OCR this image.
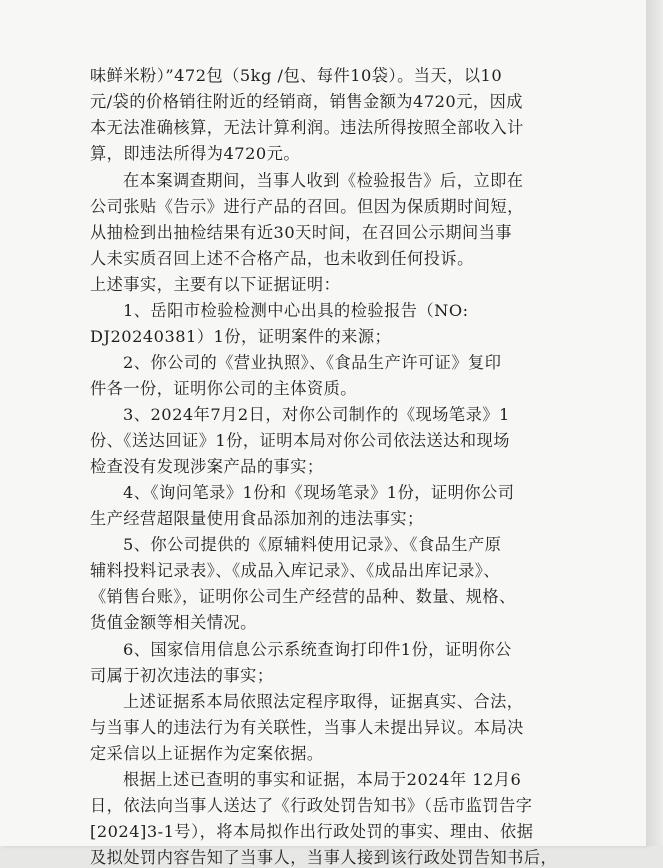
味鲜米粉）”472包（5kg /包、每件10袋）。当天，以10
元/袋的价格销往附近的经销商，销售金额为4720元，因成
本无法准确核算，无法计算利润。违法所得按照全部收入计
算，即违法所得为4720元。
在本案调查期间，当事人收到《检验报告》后，立即在
公司张贴《告示》进行产品的召回。但因为保质期时间短，
从抽检到出抽检结果有近30天时间，在召回公示期间当事
人未实质召回上述不合格产品，也未收到任何投诉。
上述事实，主要有以下证据证明：
1、岳阳市检验检测中心出具的检验报告（NO:
DJ20240381）1份，证明案件的来源；
2、你公司的《营业执照》、《食品生产许可证》复印
件各一份，证明你公司的主体资质。
3、2024年7月2日，对你公司制作的《现场笔录》1
份、《送达回证》1份，证明本局对你公司依法送达和现场
检查没有发现涉案产品的事实；
4、《询问笔录》1份和《现场笔录》1份，证明你公司
生产经营超限量使用食品添加剂的违法事实；
5、你公司提供的《原辅料使用记录》、《食品生产原
辅料投料记录表》、《成品入库记录》、《成品出库记录》、
《销售台账》，证明你公司生产经营的品种、数量、规格、
货值金额等相关情况。
6、国家信用信息公示系统查询打印件1份，证明你公
司属于初次违法的事实；
上述证据系本局依照法定程序取得，证据真实、合法，
与当事人的违法行为有关联性，当事人未提出异议。本局决
定采信以上证据作为定案依据。
根据上述已查明的事实和证据，本局于2024年 12月6
日，依法向当事人送达了《行政处罚告知书》（岳市监罚告字
[2024]3-1号），将本局拟作出行政处罚的事实、理由、依据
及拟处罚内容告知了当事人，当事人接到该行政处罚告知书后，
